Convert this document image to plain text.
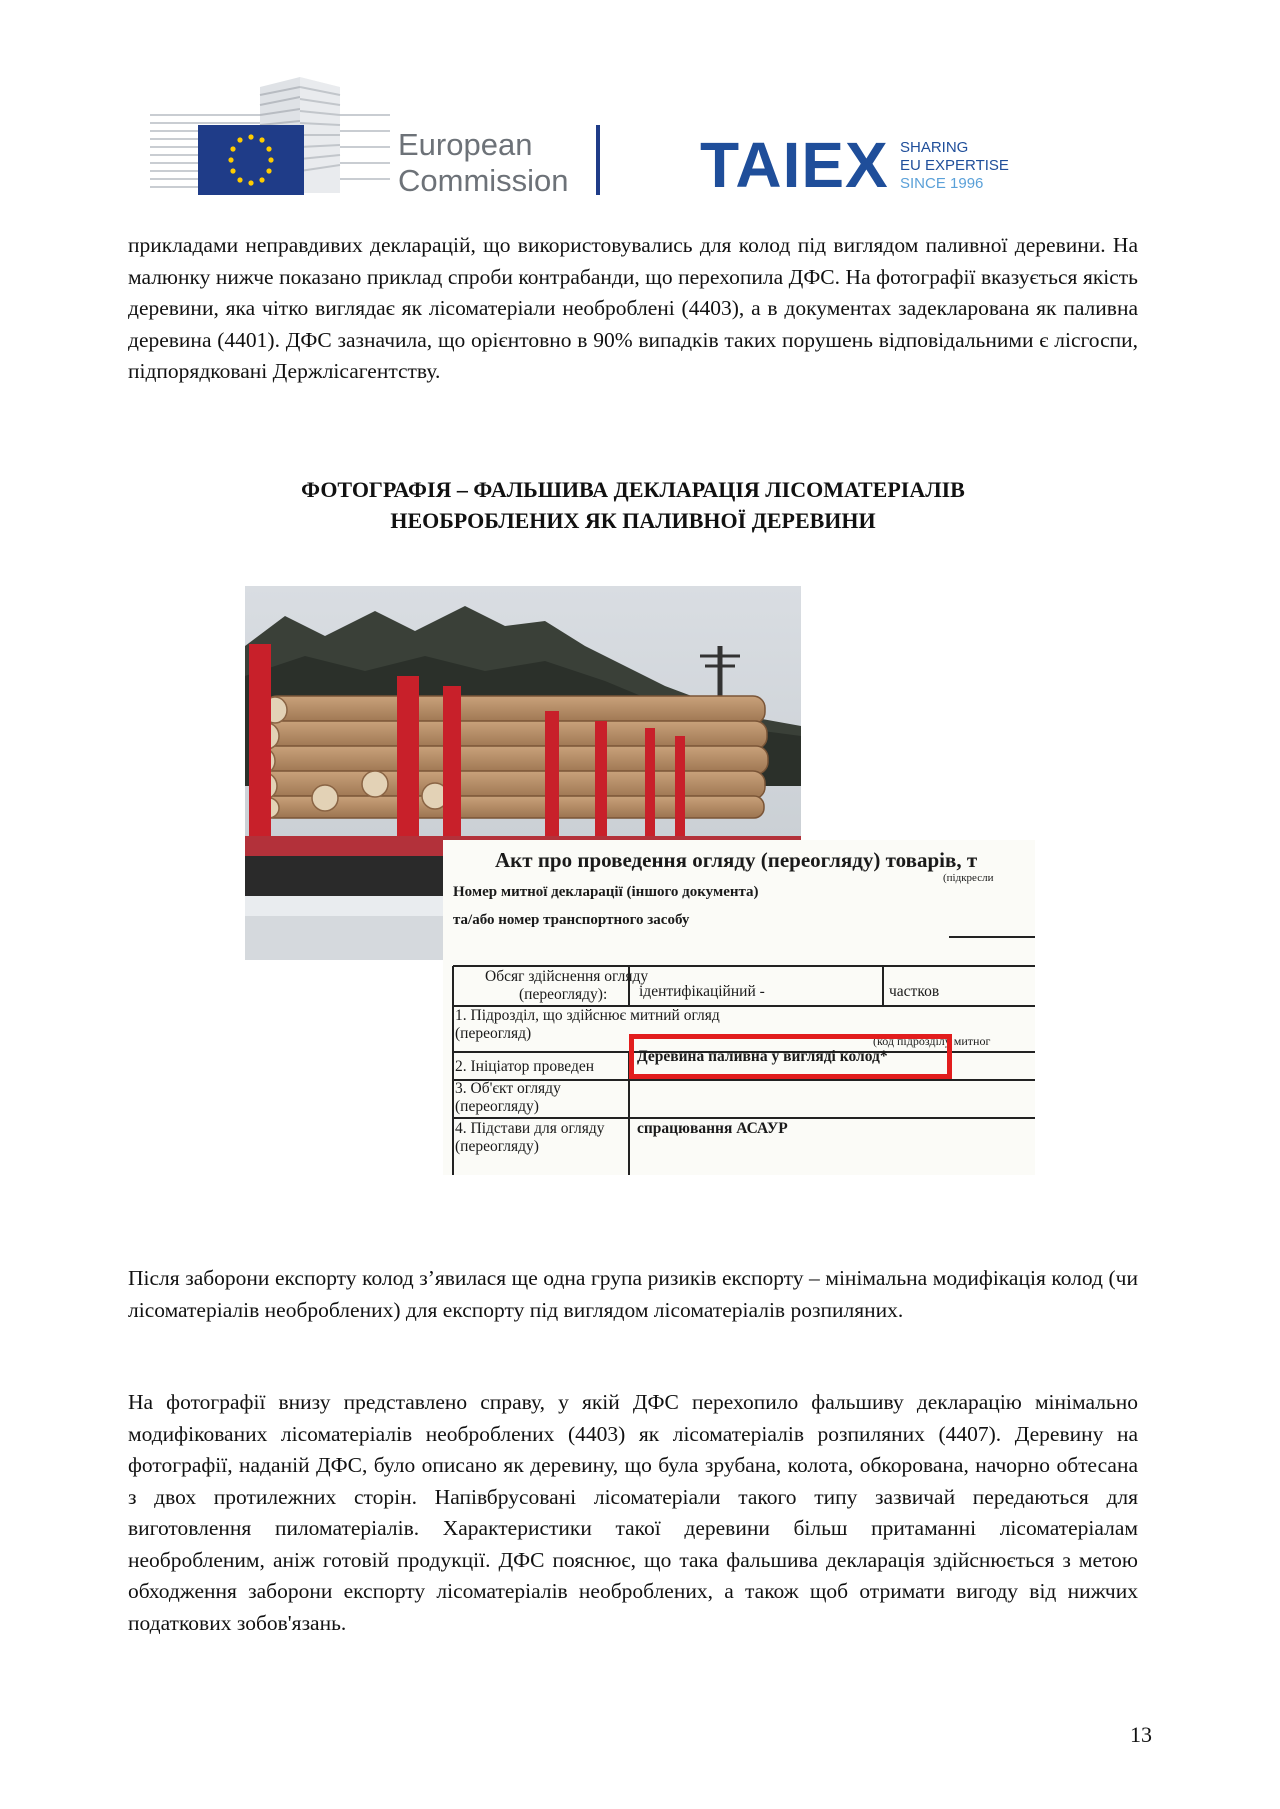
European
Commission TAIEX SHARING
EU EXPERTISE
SINCE 1996

прикладами неправдивих декларацій, що використовувались для колод під виглядом паливної деревини. На малюнку нижче показано приклад спроби контрабанди, що перехопила ДФС. На фотографії вказується якість деревини, яка чітко виглядає як лісоматеріали необроблені (4403), а в документах задекларована як паливна деревина (4401). ДФС зазначила, що орієнтовно в 90% випадків таких порушень відповідальними є лісгоспи, підпорядковані Держлісагентству.

ФОТОГРАФІЯ – ФАЛЬШИВА ДЕКЛАРАЦІЯ ЛІСОМАТЕРІАЛІВ
НЕОБРОБЛЕНИХ ЯК ПАЛИВНОЇ ДЕРЕВИНИ
Акт про проведення огляду (переогляду) товарів, т
(підкресли
Номер митної декларації (іншого документа)
та/або номер транспортного засобу
Обсяг здійснення огляду
(переогляду): ідентифікаційний -	частков
1. Підрозділ, що здійснює митний огляд
(переогляд)	(код підрозділу митног
2. Ініціатор проведен
3. Об'єкт огляду
(переогляду)
Деревина паливна у вигляді колод*
4. Підстави для огляду
(переогляду)
спрацювання АСАУР

Після заборони експорту колод з’явилася ще одна група ризиків експорту – мінімальна модифікація колод (чи лісоматеріалів необроблених) для експорту під виглядом лісоматеріалів розпиляних.

На фотографії внизу представлено справу, у якій ДФС перехопило фальшиву декларацію мінімально модифікованих лісоматеріалів необроблених (4403) як лісоматеріалів розпиляних (4407). Деревину на фотографії, наданій ДФС, було описано як деревину, що була зрубана, колота, обкорована, начорно обтесана з двох протилежних сторін. Напівбрусовані лісоматеріали такого типу зазвичай передаються для виготовлення пиломатеріалів. Характеристики такої деревини більш притаманні лісоматеріалам необробленим, аніж готовій продукції. ДФС пояснює, що така фальшива декларація здійснюється з метою обходження заборони експорту лісоматеріалів необроблених, а також щоб отримати вигоду від нижчих податкових зобов'язань.

13
